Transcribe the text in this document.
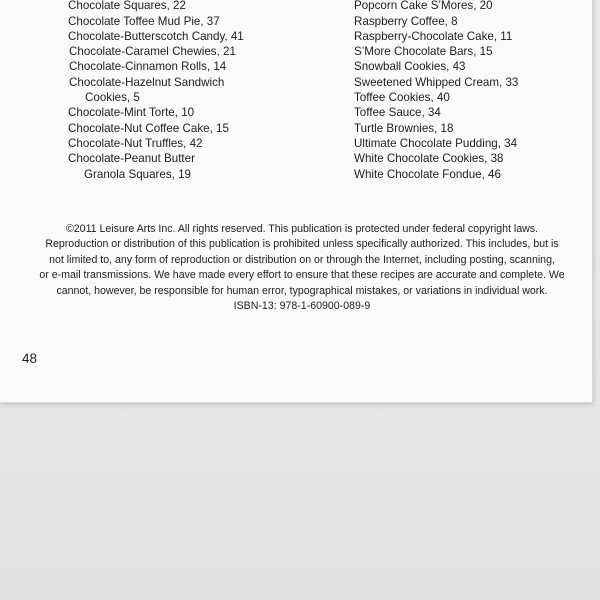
Chocolate Squares, 22
Chocolate Toffee Mud Pie, 37
Chocolate-Butterscotch Candy, 41
Chocolate-Caramel Chewies, 21
Chocolate-Cinnamon Rolls, 14
Chocolate-Hazelnut Sandwich
Cookies, 5
Chocolate-Mint Torte, 10
Chocolate-Nut Coffee Cake, 15
Chocolate-Nut Truffles, 42
Chocolate-Peanut Butter
Granola Squares, 19
Popcorn Cake S’Mores, 20
Raspberry Coffee, 8
Raspberry-Chocolate Cake, 11
S’More Chocolate Bars, 15
Snowball Cookies, 43
Sweetened Whipped Cream, 33
Toffee Cookies, 40
Toffee Sauce, 34
Turtle Brownies, 18
Ultimate Chocolate Pudding, 34
White Chocolate Cookies, 38
White Chocolate Fondue, 46

©2011 Leisure Arts Inc. All rights reserved. This publication is protected under federal copyright laws.
Reproduction or distribution of this publication is prohibited unless specifically authorized. This includes, but is
not limited to, any form of reproduction or distribution on or through the Internet, including posting, scanning,
or e-mail transmissions. We have made every effort to ensure that these recipes are accurate and complete. We
cannot, however, be responsible for human error, typographical mistakes, or variations in individual work.
ISBN-13: 978-1-60900-089-9

48
